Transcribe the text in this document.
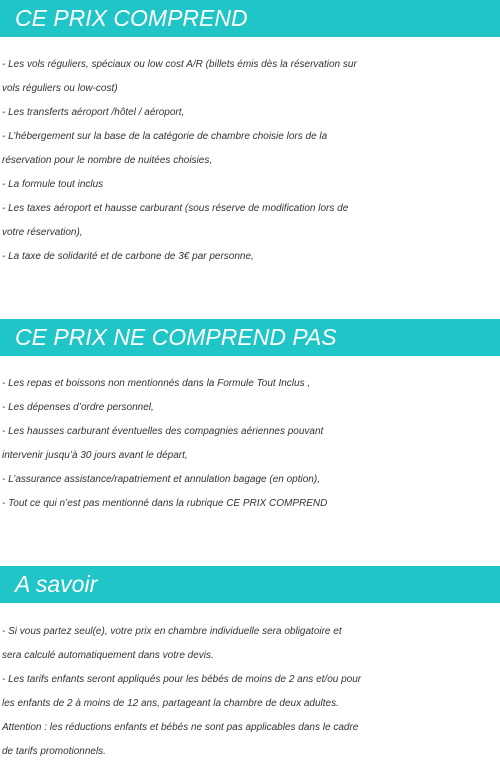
CE PRIX COMPREND
- Les vols réguliers, spéciaux ou low cost A/R (billets émis dès la réservation sur
vols réguliers ou low-cost)
- Les transferts aéroport /hôtel / aéroport,
- L’hébergement sur la base de la catégorie de chambre choisie lors de la
réservation pour le nombre de nuitées choisies,
- La formule tout inclus
- Les taxes aéroport et hausse carburant (sous réserve de modification lors de
votre réservation),
- La taxe de solidarité et de carbone de 3€ par personne,
CE PRIX NE COMPREND PAS
- Les repas et boissons non mentionnés dans la Formule Tout Inclus ,
- Les dépenses d’ordre personnel,
- Les hausses carburant éventuelles des compagnies aériennes pouvant
intervenir jusqu’à 30 jours avant le départ,
- L’assurance assistance/rapatriement et annulation bagage (en option),
- Tout ce qui n’est pas mentionné dans la rubrique CE PRIX COMPREND
A savoir
- Si vous partez seul(e), votre prix en chambre individuelle sera obligatoire et
sera calculé automatiquement dans votre devis.
- Les tarifs enfants seront appliqués pour les bébés de moins de 2 ans et/ou pour
les enfants de 2 à moins de 12 ans, partageant la chambre de deux adultes.
Attention : les réductions enfants et bébés ne sont pas applicables dans le cadre
de tarifs promotionnels.
